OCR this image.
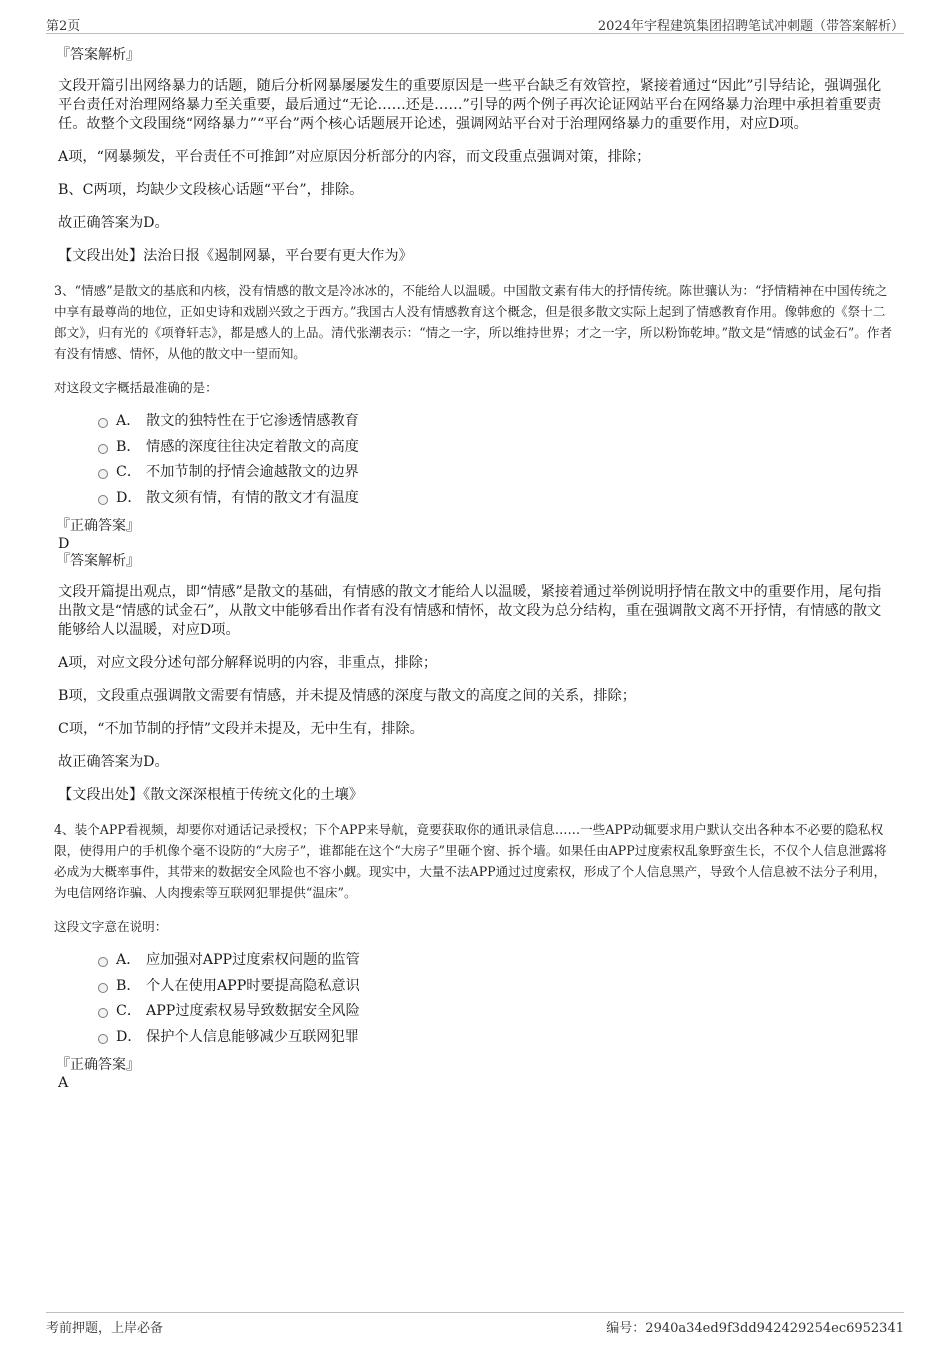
第2页	2024年宇程建筑集团招聘笔试冲刺题（带答案解析）
『答案解析』
文段开篇引出网络暴力的话题，随后分析网暴屡屡发生的重要原因是一些平台缺乏有效管控，紧接着通过“因此”引导结论，强调强化平台责任对治理网络暴力至关重要，最后通过“无论……还是……”引导的两个例子再次论证网站平台在网络暴力治理中承担着重要责任。故整个文段围绕“网络暴力”“平台”两个核心话题展开论述，强调网站平台对于治理网络暴力的重要作用，对应D项。
A项，“网暴频发，平台责任不可推卸”对应原因分析部分的内容，而文段重点强调对策，排除；
B、C两项，均缺少文段核心话题“平台”，排除。
故正确答案为D。
【文段出处】法治日报《遏制网暴，平台要有更大作为》
3、“情感”是散文的基底和内核，没有情感的散文是冷冰冰的，不能给人以温暖。中国散文素有伟大的抒情传统。陈世骧认为：“抒情精神在中国传统之中享有最尊尚的地位，正如史诗和戏剧兴致之于西方。”我国古人没有情感教育这个概念，但是很多散文实际上起到了情感教育作用。像韩愈的《祭十二郎文》，归有光的《项脊轩志》，都是感人的上品。清代张潮表示：“情之一字，所以维持世界；才之一字，所以粉饰乾坤。”散文是“情感的试金石”。作者有没有情感、情怀，从他的散文中一望而知。
对这段文字概括最准确的是：
A． 散文的独特性在于它渗透情感教育
B． 情感的深度往往决定着散文的高度
C． 不加节制的抒情会逾越散文的边界
D． 散文须有情，有情的散文才有温度
『正确答案』
D
『答案解析』
文段开篇提出观点，即“情感”是散文的基础，有情感的散文才能给人以温暖，紧接着通过举例说明抒情在散文中的重要作用，尾句指出散文是“情感的试金石”，从散文中能够看出作者有没有情感和情怀，故文段为总分结构，重在强调散文离不开抒情，有情感的散文能够给人以温暖，对应D项。
A项，对应文段分述句部分解释说明的内容，非重点，排除；
B项，文段重点强调散文需要有情感，并未提及情感的深度与散文的高度之间的关系，排除；
C项，“不加节制的抒情”文段并未提及，无中生有，排除。
故正确答案为D。
【文段出处】《散文深深根植于传统文化的土壤》
4、装个APP看视频，却要你对通话记录授权；下个APP来导航，竟要获取你的通讯录信息……一些APP动辄要求用户默认交出各种本不必要的隐私权限，使得用户的手机像个毫不设防的“大房子”，谁都能在这个“大房子”里砸个窗、拆个墙。如果任由APP过度索权乱象野蛮生长，不仅个人信息泄露将必成为大概率事件，其带来的数据安全风险也不容小觑。现实中，大量不法APP通过过度索权，形成了个人信息黑产，导致个人信息被不法分子利用，为电信网络诈骗、人肉搜索等互联网犯罪提供“温床”。
这段文字意在说明：
A． 应加强对APP过度索权问题的监管
B． 个人在使用APP时要提高隐私意识
C． APP过度索权易导致数据安全风险
D． 保护个人信息能够减少互联网犯罪
『正确答案』
A
考前押题，上岸必备	编号：2940a34ed9f3dd942429254ec6952341
